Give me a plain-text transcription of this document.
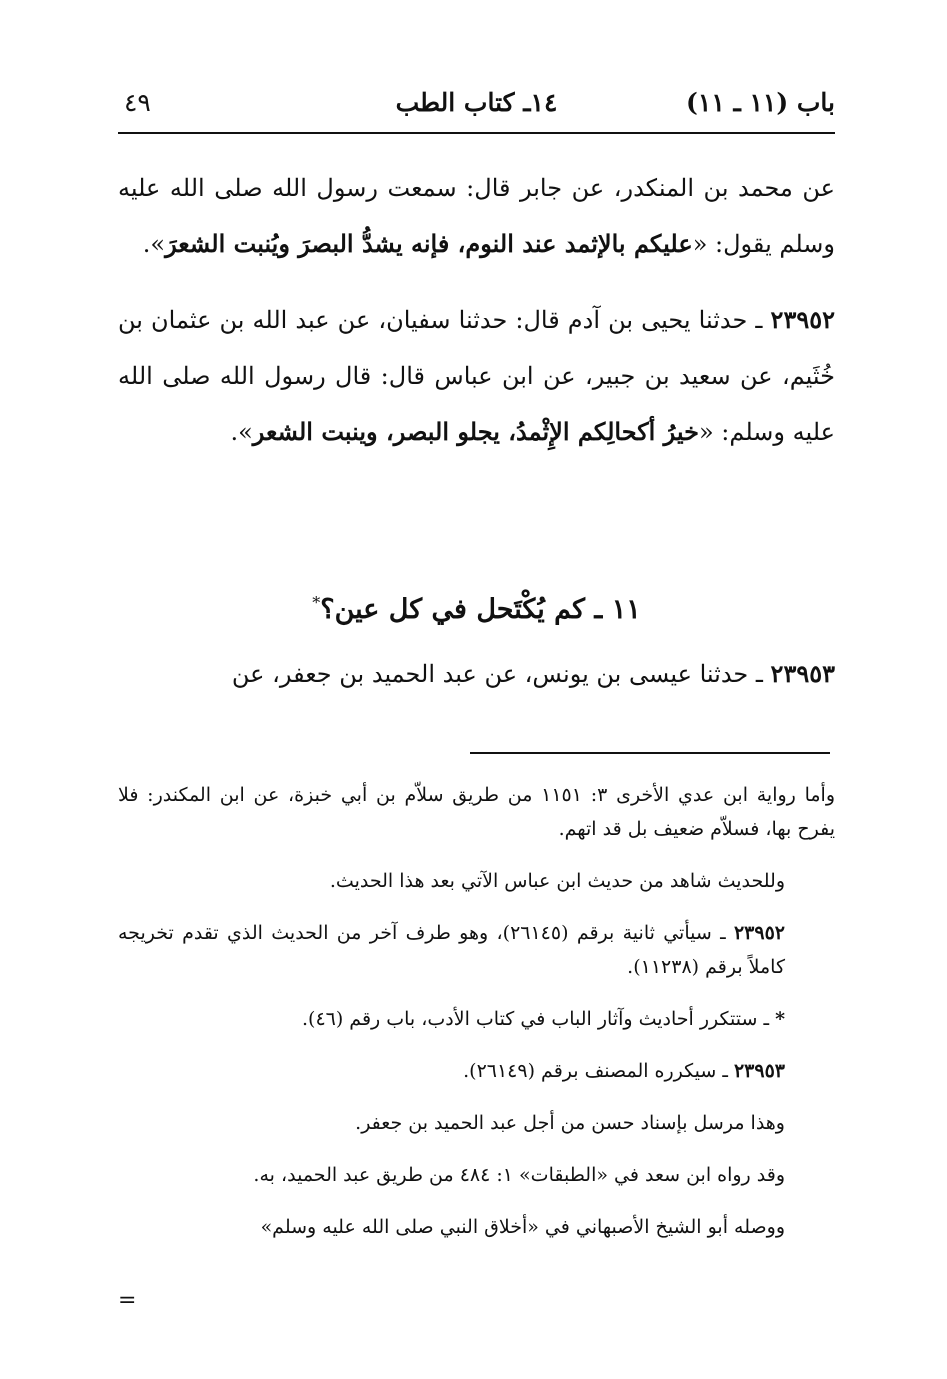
باب (١١ ـ ١١)
١٤ـ كتاب الطب
٤٩

عن محمد بن المنكدر، عن جابر قال: سمعت رسول الله صلى الله عليه وسلم يقول: «عليكم بالإثمد عند النوم، فإنه يشدُّ البصرَ ويُنبت الشعرَ».

٢٣٩٥٢ ـ حدثنا يحيى بن آدم قال: حدثنا سفيان، عن عبد الله بن عثمان بن خُثَيم، عن سعيد بن جبير، عن ابن عباس قال: قال رسول الله صلى الله عليه وسلم: «خيرُ أكحالِكم الإِثْمدُ، يجلو البصر، وينبت الشعر».

١١ ـ كم يُكْتَحل في كل عين؟*

٢٣٩٥٣ ـ حدثنا عيسى بن يونس، عن عبد الحميد بن جعفر، عن

وأما رواية ابن عدي الأخرى ٣: ١١٥١ من طريق سلاّم بن أبي خبزة، عن ابن المكندر: فلا يفرح بها، فسلاّم ضعيف بل قد اتهم.

وللحديث شاهد من حديث ابن عباس الآتي بعد هذا الحديث.

٢٣٩٥٢ ـ سيأتي ثانية برقم (٢٦١٤٥)، وهو طرف آخر من الحديث الذي تقدم تخريجه كاملاً برقم (١١٢٣٨).

* ـ ستتكرر أحاديث وآثار الباب في كتاب الأدب، باب رقم (٤٦).

٢٣٩٥٣ ـ سيكرره المصنف برقم (٢٦١٤٩).

وهذا مرسل بإسناد حسن من أجل عبد الحميد بن جعفر.

وقد رواه ابن سعد في «الطبقات» ١: ٤٨٤ من طريق عبد الحميد، به.

ووصله أبو الشيخ الأصبهاني في «أخلاق النبي صلى الله عليه وسلم»

=
